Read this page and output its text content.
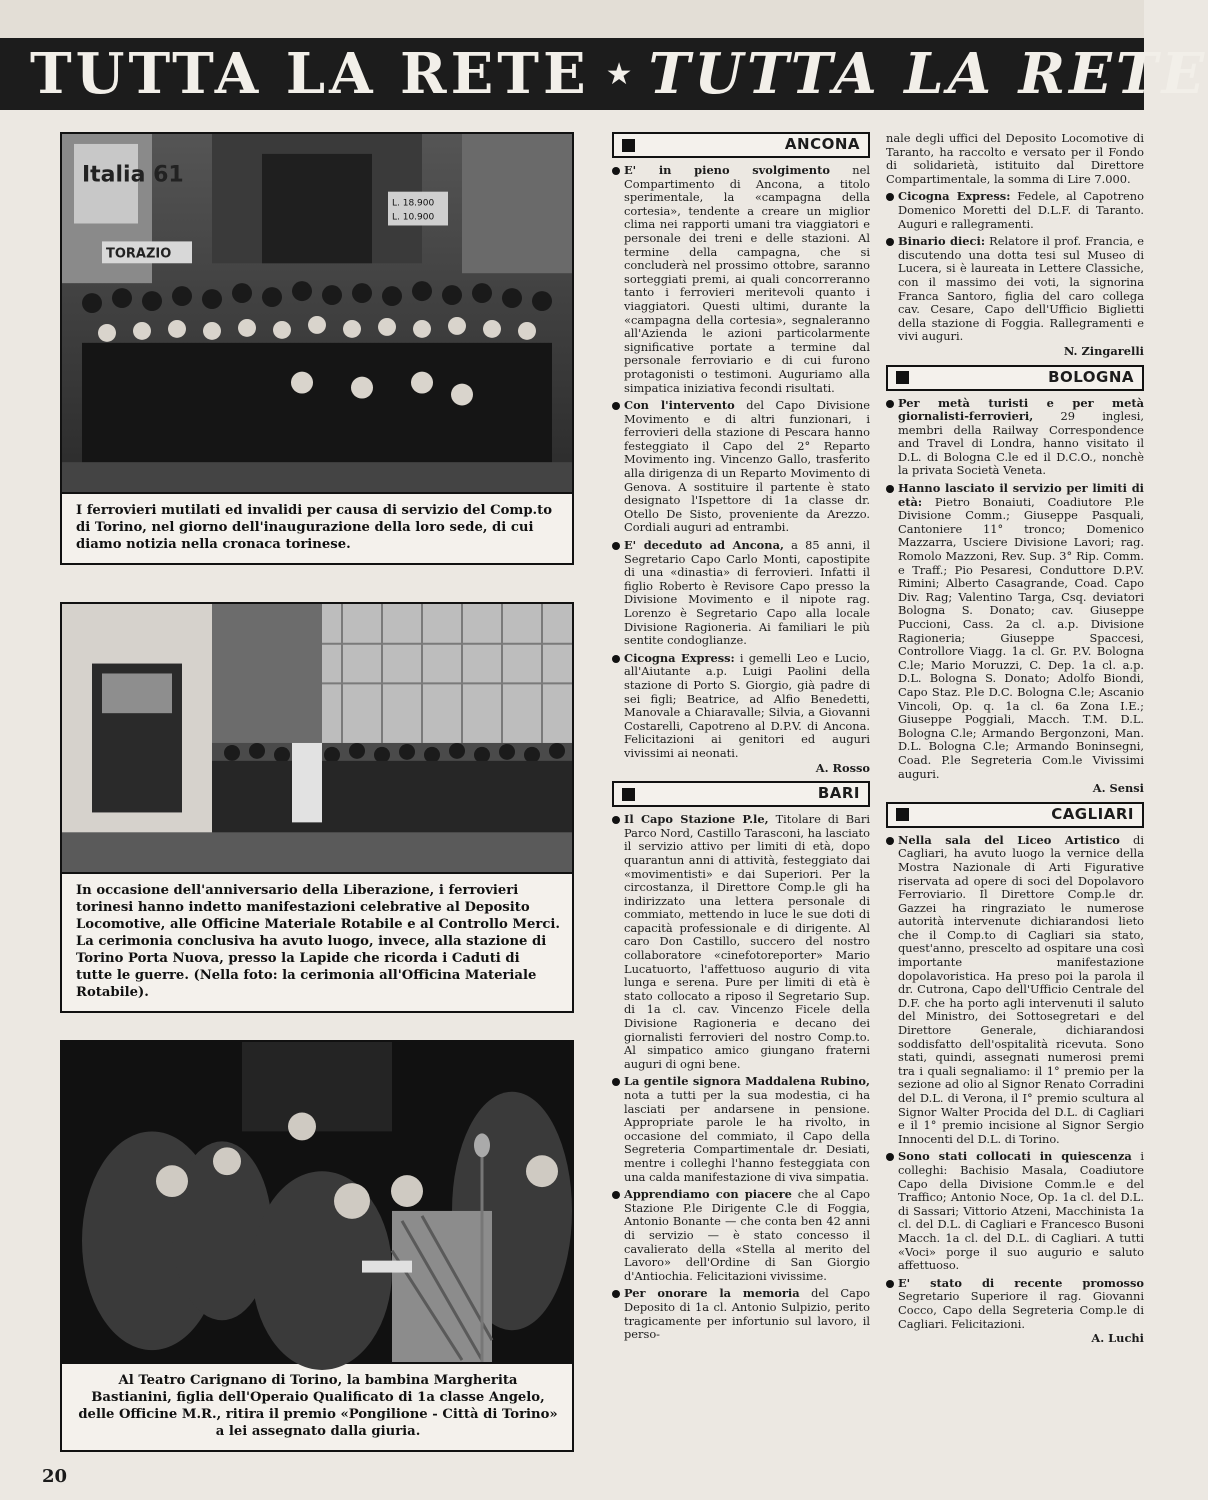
TUTTA LA RETE ★ TUTTA LA RETE
Italia 61
TORAZIO
L. 18.900
L. 10.900
I ferrovieri mutilati ed invalidi per causa di servizio del Comp.to di Torino, nel giorno dell'inaugurazione della loro sede, di cui diamo notizia nella cronaca torinese.
In occasione dell'anniversario della Liberazione, i ferrovieri torinesi hanno indetto manifestazioni celebrative al Deposito Locomotive, alle Officine Materiale Rotabile e al Controllo Merci. La cerimonia conclusiva ha avuto luogo, invece, alla stazione di Torino Porta Nuova, presso la Lapide che ricorda i Caduti di tutte le guerre. (Nella foto: la cerimonia all'Officina Materiale Rotabile).
Al Teatro Carignano di Torino, la bambina Margherita Bastianini, figlia dell'Operaio Qualificato di 1a classe Angelo, delle Officine M.R., ritira il premio «Pongilione - Città di Torino» a lei assegnato dalla giuria.
ANCONA
E' in pieno svolgimento nel Compartimento di Ancona, a titolo sperimentale, la «campagna della cortesia», tendente a creare un miglior clima nei rapporti umani tra viaggiatori e personale dei treni e delle stazioni. Al termine della campagna, che si concluderà nel prossimo ottobre, saranno sorteggiati premi, ai quali concorreranno tanto i ferrovieri meritevoli quanto i viaggiatori. Questi ultimi, durante la «campagna della cortesia», segnaleranno all'Azienda le azioni particolarmente significative portate a termine dal personale ferroviario e di cui furono protagonisti o testimoni. Auguriamo alla simpatica iniziativa fecondi risultati.
Con l'intervento del Capo Divisione Movimento e di altri funzionari, i ferrovieri della stazione di Pescara hanno festeggiato il Capo del 2° Reparto Movimento ing. Vincenzo Gallo, trasferito alla dirigenza di un Reparto Movimento di Genova. A sostituire il partente è stato designato l'Ispettore di 1a classe dr. Otello De Sisto, proveniente da Arezzo. Cordiali auguri ad entrambi.
E' deceduto ad Ancona, a 85 anni, il Segretario Capo Carlo Monti, capostipite di una «dinastia» di ferrovieri. Infatti il figlio Roberto è Revisore Capo presso la Divisione Movimento e il nipote rag. Lorenzo è Segretario Capo alla locale Divisione Ragioneria. Ai familiari le più sentite condoglianze.
Cicogna Express: i gemelli Leo e Lucio, all'Aiutante a.p. Luigi Paolini della stazione di Porto S. Giorgio, già padre di sei figli; Beatrice, ad Alfio Benedetti, Manovale a Chiaravalle; Silvia, a Giovanni Costarelli, Capotreno al D.P.V. di Ancona. Felicitazioni ai genitori ed auguri vivissimi ai neonati.
A. Rosso
BARI
Il Capo Stazione P.le, Titolare di Bari Parco Nord, Castillo Tarasconi, ha lasciato il servizio attivo per limiti di età, dopo quarantun anni di attività, festeggiato dai «movimentisti» e dai Superiori. Per la circostanza, il Direttore Comp.le gli ha indirizzato una lettera personale di commiato, mettendo in luce le sue doti di capacità professionale e di dirigente. Al caro Don Castillo, succero del nostro collaboratore «cinefotoreporter» Mario Lucatuorto, l'affettuoso augurio di vita lunga e serena. Pure per limiti di età è stato collocato a riposo il Segretario Sup. di 1a cl. cav. Vincenzo Ficele della Divisione Ragioneria e decano dei giornalisti ferrovieri del nostro Comp.to. Al simpatico amico giungano fraterni auguri di ogni bene.
La gentile signora Maddalena Rubino, nota a tutti per la sua modestia, ci ha lasciati per andarsene in pensione. Appropriate parole le ha rivolto, in occasione del commiato, il Capo della Segreteria Compartimentale dr. Desiati, mentre i colleghi l'hanno festeggiata con una calda manifestazione di viva simpatia.
Apprendiamo con piacere che al Capo Stazione P.le Dirigente C.le di Foggia, Antonio Bonante — che conta ben 42 anni di servizio — è stato concesso il cavalierato della «Stella al merito del Lavoro» dell'Ordine di San Giorgio d'Antiochia. Felicitazioni vivissime.
Per onorare la memoria del Capo Deposito di 1a cl. Antonio Sulpizio, perito tragicamente per infortunio sul lavoro, il perso-
nale degli uffici del Deposito Locomotive di Taranto, ha raccolto e versato per il Fondo di solidarietà, istituito dal Direttore Compartimentale, la somma di Lire 7.000.
Cicogna Express: Fedele, al Capotreno Domenico Moretti del D.L.F. di Taranto. Auguri e rallegramenti.
Binario dieci: Relatore il prof. Francia, e discutendo una dotta tesi sul Museo di Lucera, si è laureata in Lettere Classiche, con il massimo dei voti, la signorina Franca Santoro, figlia del caro collega cav. Cesare, Capo dell'Ufficio Biglietti della stazione di Foggia. Rallegramenti e vivi auguri.
N. Zingarelli
BOLOGNA
Per metà turisti e per metà giornalisti-ferrovieri, 29 inglesi, membri della Railway Correspondence and Travel di Londra, hanno visitato il D.L. di Bologna C.le ed il D.C.O., nonchè la privata Società Veneta.
Hanno lasciato il servizio per limiti di età: Pietro Bonaiuti, Coadiutore P.le Divisione Comm.; Giuseppe Pasquali, Cantoniere 11° tronco; Domenico Mazzarra, Usciere Divisione Lavori; rag. Romolo Mazzoni, Rev. Sup. 3° Rip. Comm. e Traff.; Pio Pesaresi, Conduttore D.P.V. Rimini; Alberto Casagrande, Coad. Capo Div. Rag; Valentino Targa, Csq. deviatori Bologna S. Donato; cav. Giuseppe Puccioni, Cass. 2a cl. a.p. Divisione Ragioneria; Giuseppe Spaccesi, Controllore Viagg. 1a cl. Gr. P.V. Bologna C.le; Mario Moruzzi, C. Dep. 1a cl. a.p. D.L. Bologna S. Donato; Adolfo Biondi, Capo Staz. P.le D.C. Bologna C.le; Ascanio Vincoli, Op. q. 1a cl. 6a Zona I.E.; Giuseppe Poggiali, Macch. T.M. D.L. Bologna C.le; Armando Bergonzoni, Man. D.L. Bologna C.le; Armando Boninsegni, Coad. P.le Segreteria Com.le Vivissimi auguri.
A. Sensi
CAGLIARI
Nella sala del Liceo Artistico di Cagliari, ha avuto luogo la vernice della Mostra Nazionale di Arti Figurative riservata ad opere di soci del Dopolavoro Ferroviario. Il Direttore Comp.le dr. Gazzei ha ringraziato le numerose autorità intervenute dichiarandosi lieto che il Comp.to di Cagliari sia stato, quest'anno, prescelto ad ospitare una così importante manifestazione dopolavoristica. Ha preso poi la parola il dr. Cutrona, Capo dell'Ufficio Centrale del D.F. che ha porto agli intervenuti il saluto del Ministro, dei Sottosegretari e del Direttore Generale, dichiarandosi soddisfatto dell'ospitalità ricevuta. Sono stati, quindi, assegnati numerosi premi tra i quali segnaliamo: il 1° premio per la sezione ad olio al Signor Renato Corradini del D.L. di Verona, il I° premio scultura al Signor Walter Procida del D.L. di Cagliari e il 1° premio incisione al Signor Sergio Innocenti del D.L. di Torino.
Sono stati collocati in quiescenza i colleghi: Bachisio Masala, Coadiutore Capo della Divisione Comm.le e del Traffico; Antonio Noce, Op. 1a cl. del D.L. di Sassari; Vittorio Atzeni, Macchinista 1a cl. del D.L. di Cagliari e Francesco Busoni Macch. 1a cl. del D.L. di Cagliari. A tutti «Voci» porge il suo augurio e saluto affettuoso.
E' stato di recente promosso Segretario Superiore il rag. Giovanni Cocco, Capo della Segreteria Comp.le di Cagliari. Felicitazioni.
A. Luchi
20
